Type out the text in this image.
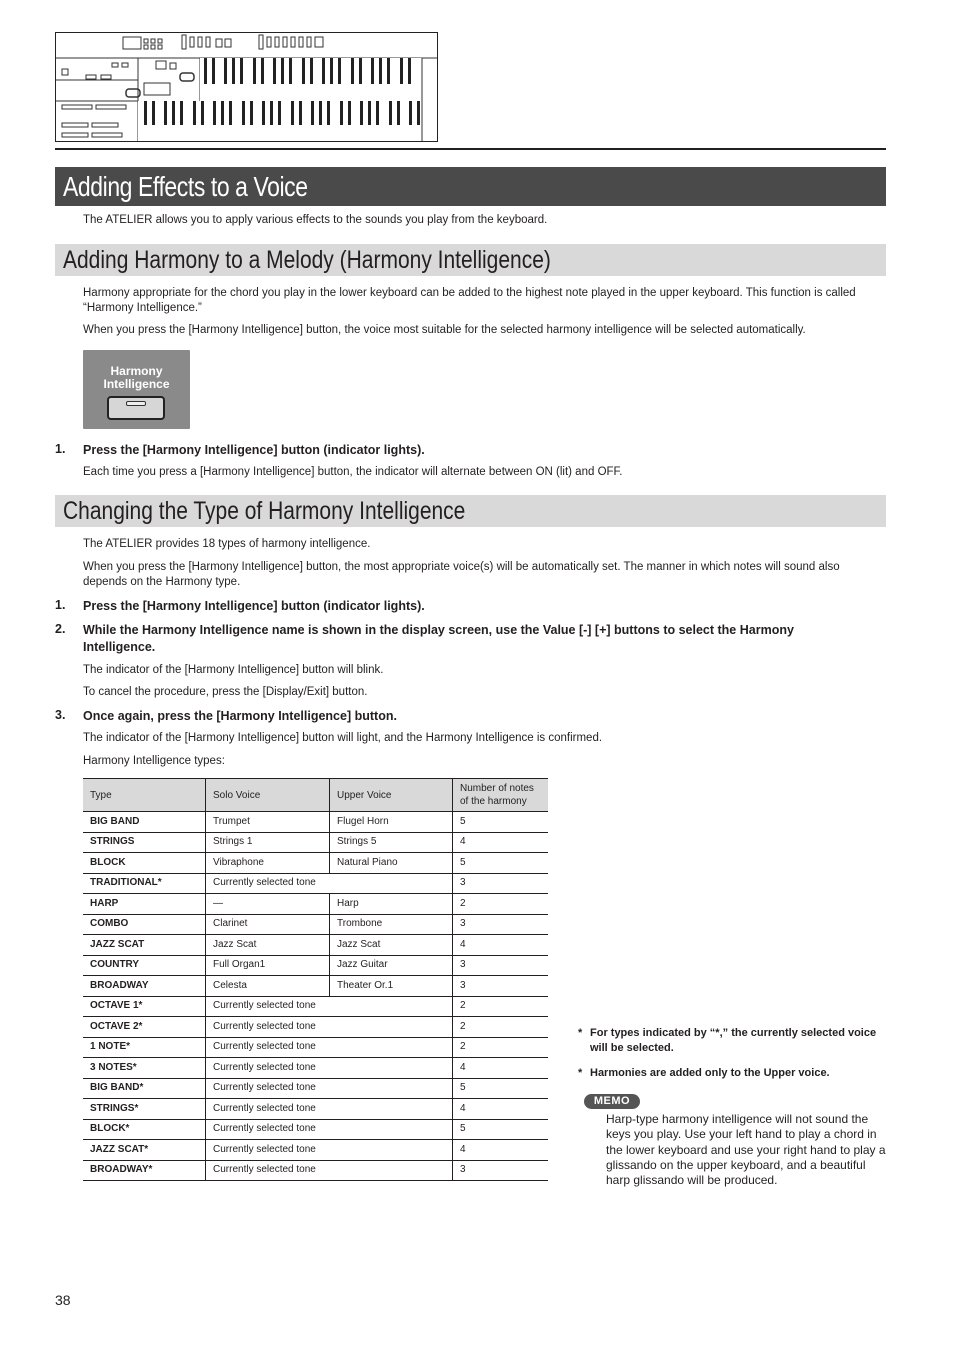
Adding Effects to a Voice
The ATELIER allows you to apply various effects to the sounds you play from the keyboard.
Adding Harmony to a Melody (Harmony Intelligence)
Harmony appropriate for the chord you play in the lower keyboard can be added to the highest note played in the upper keyboard. This function is called “Harmony Intelligence.”
When you press the [Harmony Intelligence] button, the voice most suitable for the selected harmony intelligence will be selected automatically.
Harmony
Intelligence
1. Press the [Harmony Intelligence] button (indicator lights).
Each time you press a [Harmony Intelligence] button, the indicator will alternate between ON (lit) and OFF.
Changing the Type of Harmony Intelligence
The ATELIER provides 18 types of harmony intelligence.
When you press the [Harmony Intelligence] button, the most appropriate voice(s) will be automatically set. The manner in which notes will sound also depends on the Harmony type.
1. Press the [Harmony Intelligence] button (indicator lights).
2. While the Harmony Intelligence name is shown in the display screen, use the Value [-] [+] buttons to select the Harmony Intelligence.
The indicator of the [Harmony Intelligence] button will blink.
To cancel the procedure, press the [Display/Exit] button.
3. Once again, press the [Harmony Intelligence] button.
The indicator of the [Harmony Intelligence] button will light, and the Harmony Intelligence is confirmed.
Harmony Intelligence types:
Type	Solo Voice	Upper Voice	Number of notes of the harmony
BIG BAND	Trumpet	Flugel Horn	5
STRINGS	Strings 1	Strings 5	4
BLOCK	Vibraphone	Natural Piano	5
TRADITIONAL*	Currently selected tone		3
HARP	—	Harp	2
COMBO	Clarinet	Trombone	3
JAZZ SCAT	Jazz Scat	Jazz Scat	4
COUNTRY	Full Organ1	Jazz Guitar	3
BROADWAY	Celesta	Theater Or.1	3
OCTAVE 1*	Currently selected tone		2
OCTAVE 2*	Currently selected tone		2
1 NOTE*	Currently selected tone		2
3 NOTES*	Currently selected tone		4
BIG BAND*	Currently selected tone		5
STRINGS*	Currently selected tone		4
BLOCK*	Currently selected tone		5
JAZZ SCAT*	Currently selected tone		4
BROADWAY*	Currently selected tone		3
* For types indicated by “*,” the currently selected voice will be selected.
* Harmonies are added only to the Upper voice.
MEMO
Harp-type harmony intelligence will not sound the keys you play. Use your left hand to play a chord in the lower keyboard and use your right hand to play a glissando on the upper keyboard, and a beautiful harp glissando will be produced.
38
